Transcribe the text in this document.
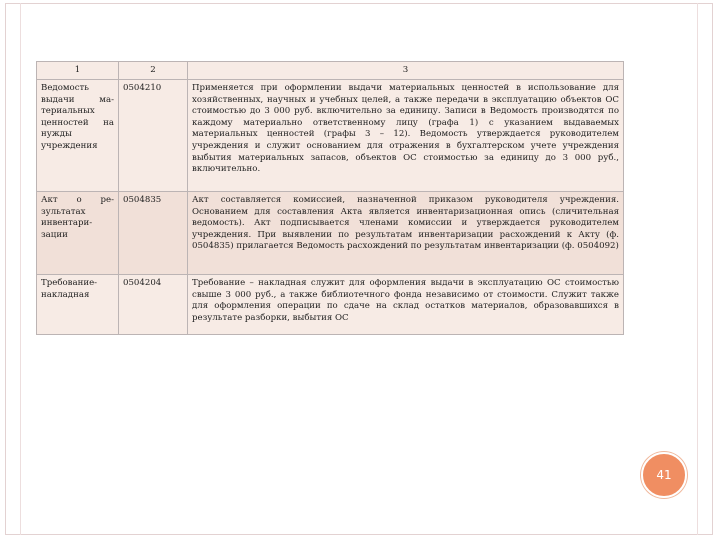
1	2	3
Ведомость выдачи материальных ценностей на нужды учреждения	0504210	Применяется при оформлении выдачи материальных ценностей в использование для хозяйственных, научных и учебных целей, а также передачи в эксплуатацию объектов ОС стоимостью до 3 000 руб. включительно за единицу. Записи в Ведомость производятся по каждому материально ответственному лицу (графа 1) с указанием выдаваемых материальных ценностей (графы 3 – 12). Ведомость утверждается руководителем учреждения и служит основанием для отражения в бухгалтерском учете учреждения выбытия материальных запасов, объектов ОС стоимостью за единицу до 3 000 руб., включительно.
Акт о результатах инвентаризации	0504835	Акт составляется комиссией, назначенной приказом руководителя учреждения. Основанием для составления Акта является инвентаризационная опись (сличительная ведомость). Акт подписывается членами комиссии и утверждается руководителем учреждения. При выявлении по результатам инвентаризации расхождений к Акту (ф. 0504835) прилагается Ведомость расхождений по результатам инвентаризации (ф. 0504092)
Требование-накладная	0504204	Требование – накладная служит для оформления выдачи в эксплуатацию ОС стоимостью свыше 3 000 руб., а также библиотечного фонда независимо от стоимости. Служит также для оформления операции по сдаче на склад остатков материалов, образовавшихся в результате разборки, выбытия ОС
41
